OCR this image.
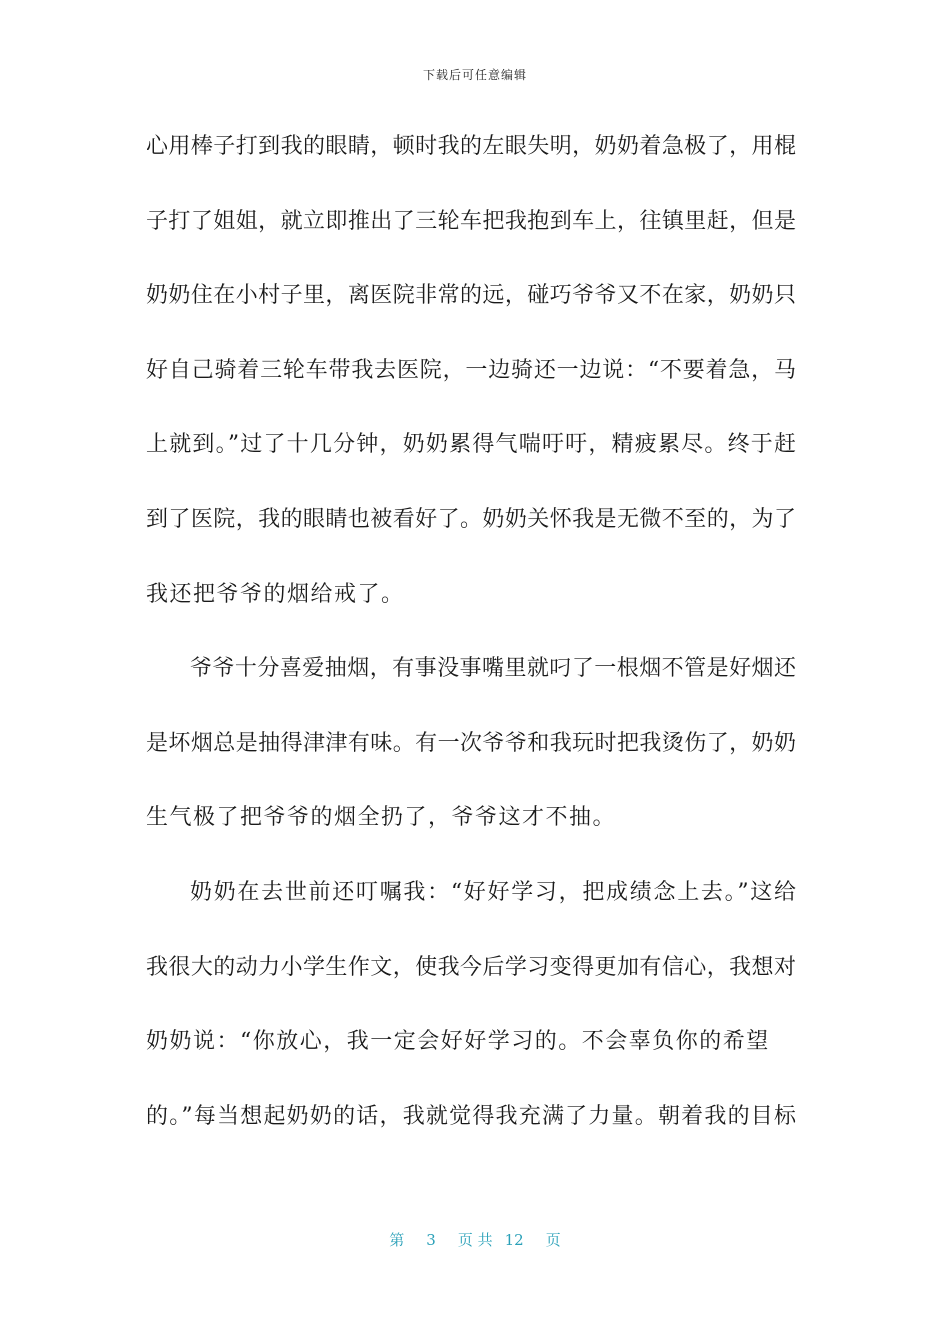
下载后可任意编辑
心用棒子打到我的眼睛，顿时我的左眼失明，奶奶着急极了，用棍
子打了姐姐，就立即推出了三轮车把我抱到车上，往镇里赶，但是
奶奶住在小村子里，离医院非常的远，碰巧爷爷又不在家，奶奶只
好自己骑着三轮车带我去医院，一边骑还一边说：“不要着急，马
上就到。”过了十几分钟，奶奶累得气喘吁吁，精疲累尽。终于赶
到了医院，我的眼睛也被看好了。奶奶关怀我是无微不至的，为了
我还把爷爷的烟给戒了。
爷爷十分喜爱抽烟，有事没事嘴里就叼了一根烟不管是好烟还
是坏烟总是抽得津津有味。有一次爷爷和我玩时把我烫伤了，奶奶
生气极了把爷爷的烟全扔了，爷爷这才不抽。
奶奶在去世前还叮嘱我：“好好学习，把成绩念上去。”这给
我很大的动力小学生作文，使我今后学习变得更加有信心，我想对
奶奶说：“你放心，我一定会好好学习的。不会辜负你的希望
的。”每当想起奶奶的话，我就觉得我充满了力量。朝着我的目标
第 3 页 共 12 页
